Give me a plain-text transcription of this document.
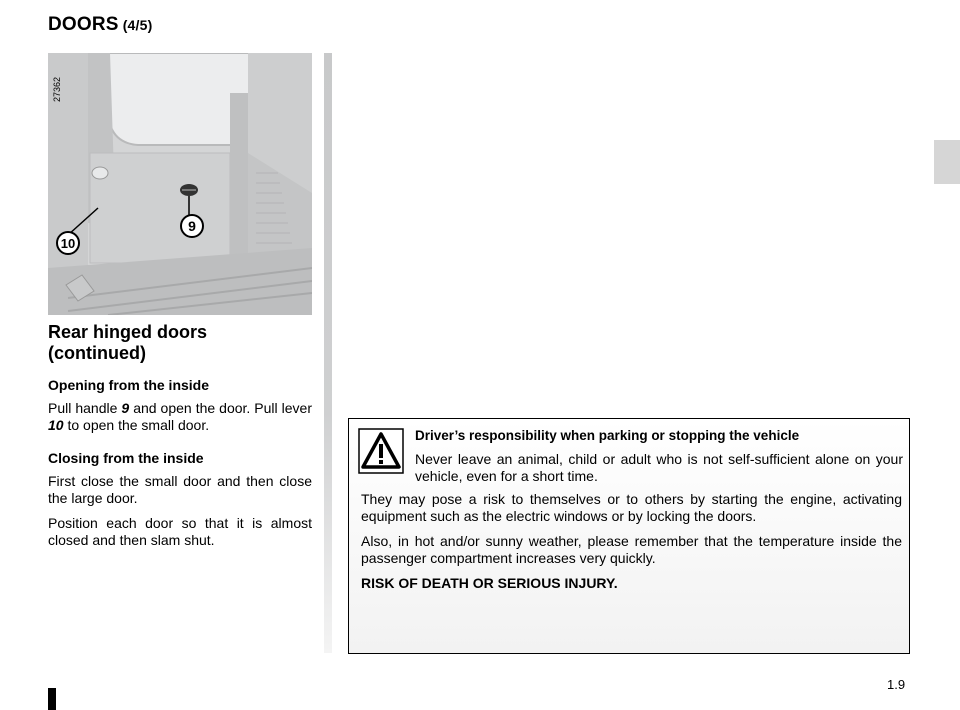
DOORS (4/5)
9
10
27362
Rear hinged doors
(continued)
Opening from the inside

Pull handle 9 and open the door. Pull lever 10 to open the small door.

Closing from the inside

First close the small door and then close the large door.

Position each door so that it is almost closed and then slam shut.

Driver’s responsibility when parking or stopping the vehicle
Never leave an animal, child or adult who is not self-sufficient alone on your vehicle, even for a short time.

They may pose a risk to themselves or to others by starting the engine, activating equipment such as the electric windows or by locking the doors.

Also, in hot and/or sunny weather, please remember that the temperature inside the passenger compartment increases very quickly.

RISK OF DEATH OR SERIOUS INJURY.

1.9
